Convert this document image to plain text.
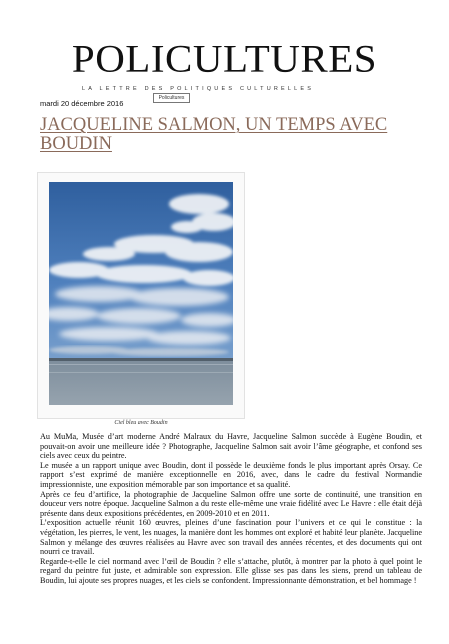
POLICULTURES
LA LETTRE DES POLITIQUES CULTURELLES
Policultures
mardi 20 décembre 2016
JACQUELINE SALMON, UN TEMPS AVEC BOUDIN
Ciel bleu avec Boudin

Au MuMa, Musée d’art moderne André Malraux du Havre, Jacqueline Salmon succède à Eugène Boudin, et pouvait-on avoir une meilleure idée ? Photographe, Jacqueline Salmon sait avoir l’âme géographe, et confond ses ciels avec ceux du peintre.

Le musée a un rapport unique avec Boudin, dont il possède le deuxième fonds le plus important après Orsay. Ce rapport s’est exprimé de manière exceptionnelle en 2016, avec, dans le cadre du festival Normandie impressionniste, une exposition mémorable par son importance et sa qualité.

Après ce feu d’artifice, la photographie de Jacqueline Salmon offre une sorte de continuité, une transition en douceur vers notre époque. Jacqueline Salmon a du reste elle-même une vraie fidélité avec Le Havre : elle était déjà présente dans deux expositions précédentes, en 2009-2010 et en 2011.

L’exposition actuelle réunit 160 œuvres, pleines d’une fascination pour l’univers et ce qui le constitue : la végétation, les pierres, le vent, les nuages, la manière dont les hommes ont exploré et habité leur planète. Jacqueline Salmon y mélange des œuvres réalisées au Havre avec son travail des années récentes, et des documents qui ont nourri ce travail.

Regarde-t-elle le ciel normand avec l’œil de Boudin ? elle s’attache, plutôt, à montrer par la photo à quel point le regard du peintre fut juste, et admirable son expression. Elle glisse ses pas dans les siens, prend un tableau de Boudin, lui ajoute ses propres nuages, et les ciels se confondent. Impressionnante démonstration, et bel hommage !
